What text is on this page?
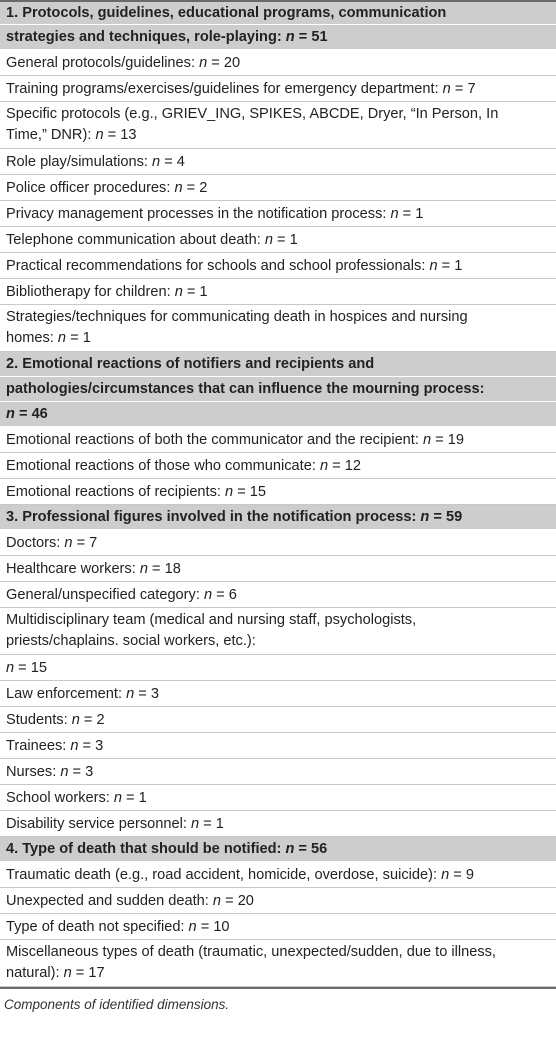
1. Protocols, guidelines, educational programs, communication
strategies and techniques, role-playing: n = 51
General protocols/guidelines: n = 20
Training programs/exercises/guidelines for emergency department: n = 7
Specific protocols (e.g., GRIEV_ING, SPIKES, ABCDE, Dryer, “In Person, In
Time,” DNR): n = 13
Role play/simulations: n = 4
Police officer procedures: n = 2
Privacy management processes in the notification process: n = 1
Telephone communication about death: n = 1
Practical recommendations for schools and school professionals: n = 1
Bibliotherapy for children: n = 1
Strategies/techniques for communicating death in hospices and nursing
homes: n = 1
2. Emotional reactions of notifiers and recipients and
pathologies/circumstances that can influence the mourning process:
n = 46
Emotional reactions of both the communicator and the recipient: n = 19
Emotional reactions of those who communicate: n = 12
Emotional reactions of recipients: n = 15
3. Professional figures involved in the notification process: n = 59
Doctors: n = 7
Healthcare workers: n = 18
General/unspecified category: n = 6
Multidisciplinary team (medical and nursing staff, psychologists,
priests/chaplains. social workers, etc.):
n = 15
Law enforcement: n = 3
Students: n = 2
Trainees: n = 3
Nurses: n = 3
School workers: n = 1
Disability service personnel: n = 1
4. Type of death that should be notified: n = 56
Traumatic death (e.g., road accident, homicide, overdose, suicide): n = 9
Unexpected and sudden death: n = 20
Type of death not specified: n = 10
Miscellaneous types of death (traumatic, unexpected/sudden, due to illness,
natural): n = 17
Components of identified dimensions.
